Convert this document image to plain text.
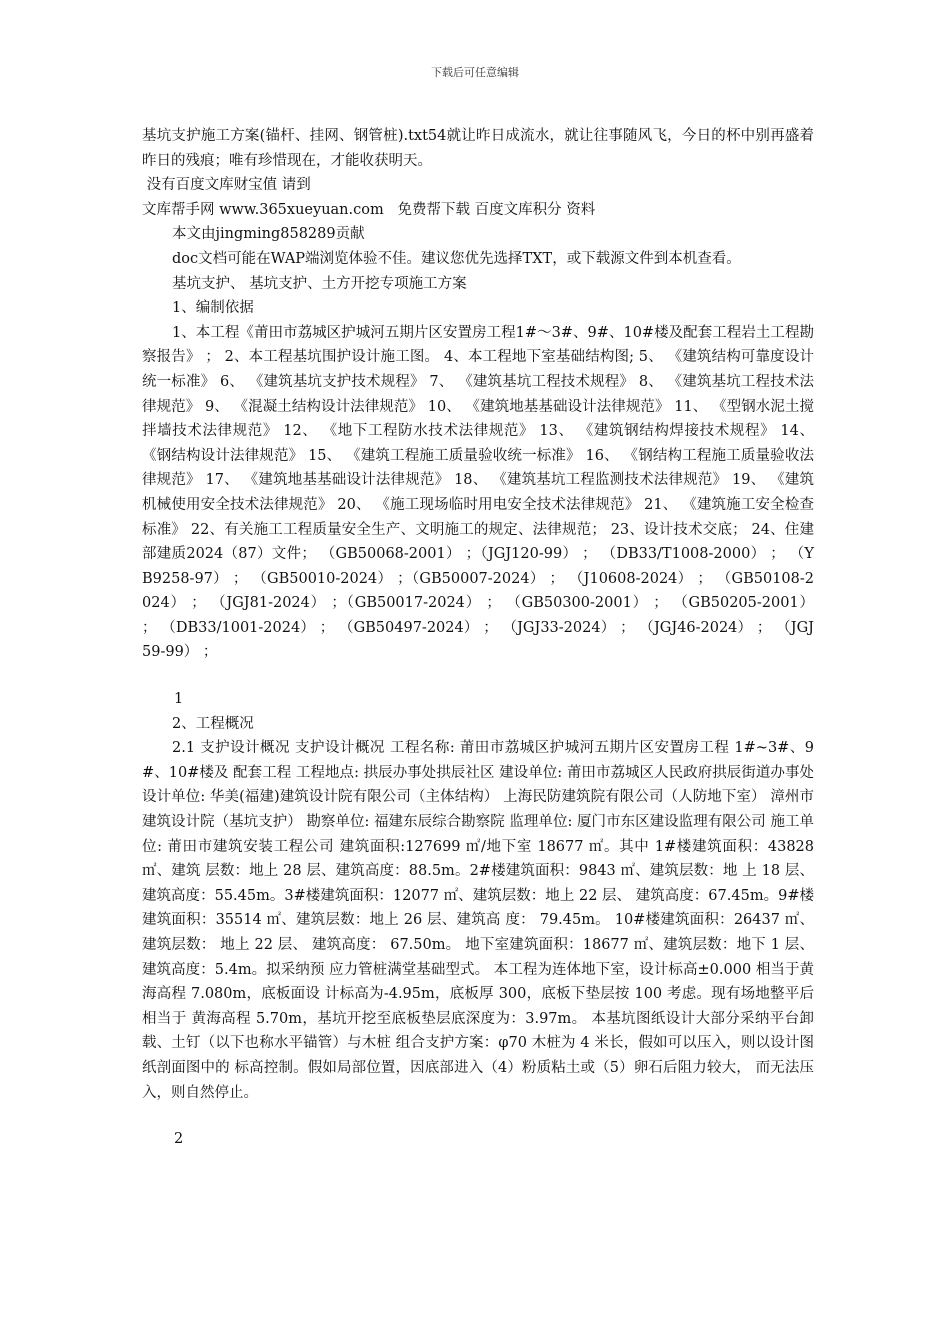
下载后可任意编辑

基坑支护施工方案(锚杆、挂网、钢管桩).txt54就让昨日成流水，就让往事随风飞，今日的杯中别再盛着昨日的残痕；唯有珍惜现在，才能收获明天。

没有百度文库财宝值 请到

文库帮手网 www.365xueyuan.com   免费帮下载 百度文库积分 资料

本文由jingming858289贡献

doc文档可能在WAP端浏览体验不佳。建议您优先选择TXT，或下载源文件到本机查看。

基坑支护、 基坑支护、土方开挖专项施工方案

1、编制依据

1、本工程《莆田市荔城区护城河五期片区安置房工程1#～3#、9#、10#楼及配套工程岩土工程勘察报告》 ； 2、本工程基坑围护设计施工图。 4、本工程地下室基础结构图; 5、 《建筑结构可靠度设计统一标准》 6、 《建筑基坑支护技术规程》 7、 《建筑基坑工程技术规程》 8、 《建筑基坑工程技术法律规范》 9、 《混凝土结构设计法律规范》 10、 《建筑地基基础设计法律规范》 11、 《型钢水泥土搅拌墙技术法律规范》 12、 《地下工程防水技术法律规范》 13、 《建筑钢结构焊接技术规程》 14、 《钢结构设计法律规范》 15、 《建筑工程施工质量验收统一标准》 16、 《钢结构工程施工质量验收法律规范》 17、 《建筑地基基础设计法律规范》 18、 《建筑基坑工程监测技术法律规范》 19、 《建筑机械使用安全技术法律规范》 20、 《施工现场临时用电安全技术法律规范》 21、 《建筑施工安全检查标准》 22、有关施工工程质量安全生产、文明施工的规定、法律规范； 23、设计技术交底； 24、住建部建质2024（87）文件； （GB50068-2001） ；（JGJ120-99） ； （DB33/T1008-2000） ； （YB9258-97） ； （GB50010-2024） ；（GB50007-2024） ； （J10608-2024） ； （GB50108-2024） ； （JGJ81-2024） ；（GB50017-2024） ； （GB50300-2001） ； （GB50205-2001） ； （DB33/1001-2024） ； （GB50497-2024） ； （JGJ33-2024） ； （JGJ46-2024） ； （JGJ59-99） ；

1

2、工程概况

2.1 支护设计概况 支护设计概况 工程名称: 莆田市荔城区护城河五期片区安置房工程 1#~3#、9#、10#楼及 配套工程 工程地点: 拱辰办事处拱辰社区 建设单位: 莆田市荔城区人民政府拱辰街道办事处 设计单位: 华美(福建)建筑设计院有限公司（主体结构） 上海民防建筑院有限公司（人防地下室） 漳州市建筑设计院（基坑支护） 勘察单位: 福建东辰综合勘察院 监理单位: 厦门市东区建设监理有限公司 施工单位: 莆田市建筑安装工程公司 建筑面积:127699 ㎡/地下室 18677 ㎡。其中 1#楼建筑面积：43828 ㎡、建筑 层数：地上 28 层、建筑高度：88.5m。2#楼建筑面积：9843 ㎡、建筑层数：地 上 18 层、建筑高度：55.45m。3#楼建筑面积：12077 ㎡、建筑层数：地上 22 层、 建筑高度：67.45m。9#楼建筑面积：35514 ㎡、建筑层数：地上 26 层、建筑高 度： 79.45m。 10#楼建筑面积：26437 ㎡、 建筑层数： 地上 22 层、 建筑高度： 67.50m。 地下室建筑面积：18677 ㎡、建筑层数：地下 1 层、建筑高度：5.4m。拟采纳预 应力管桩满堂基础型式。 本工程为连体地下室，设计标高±0.000 相当于黄海高程 7.080m，底板面设 计标高为-4.95m，底板厚 300，底板下垫层按 100 考虑。现有场地整平后相当于 黄海高程 5.70m，基坑开挖至底板垫层底深度为：3.97m。 本基坑图纸设计大部分采纳平台卸载、土钉（以下也称水平锚管）与木桩 组合支护方案：φ70 木桩为 4 米长，假如可以压入，则以设计图纸剖面图中的 标高控制。假如局部位置，因底部进入（4）粉质粘土或（5）卵石后阻力较大， 而无法压入，则自然停止。

2
